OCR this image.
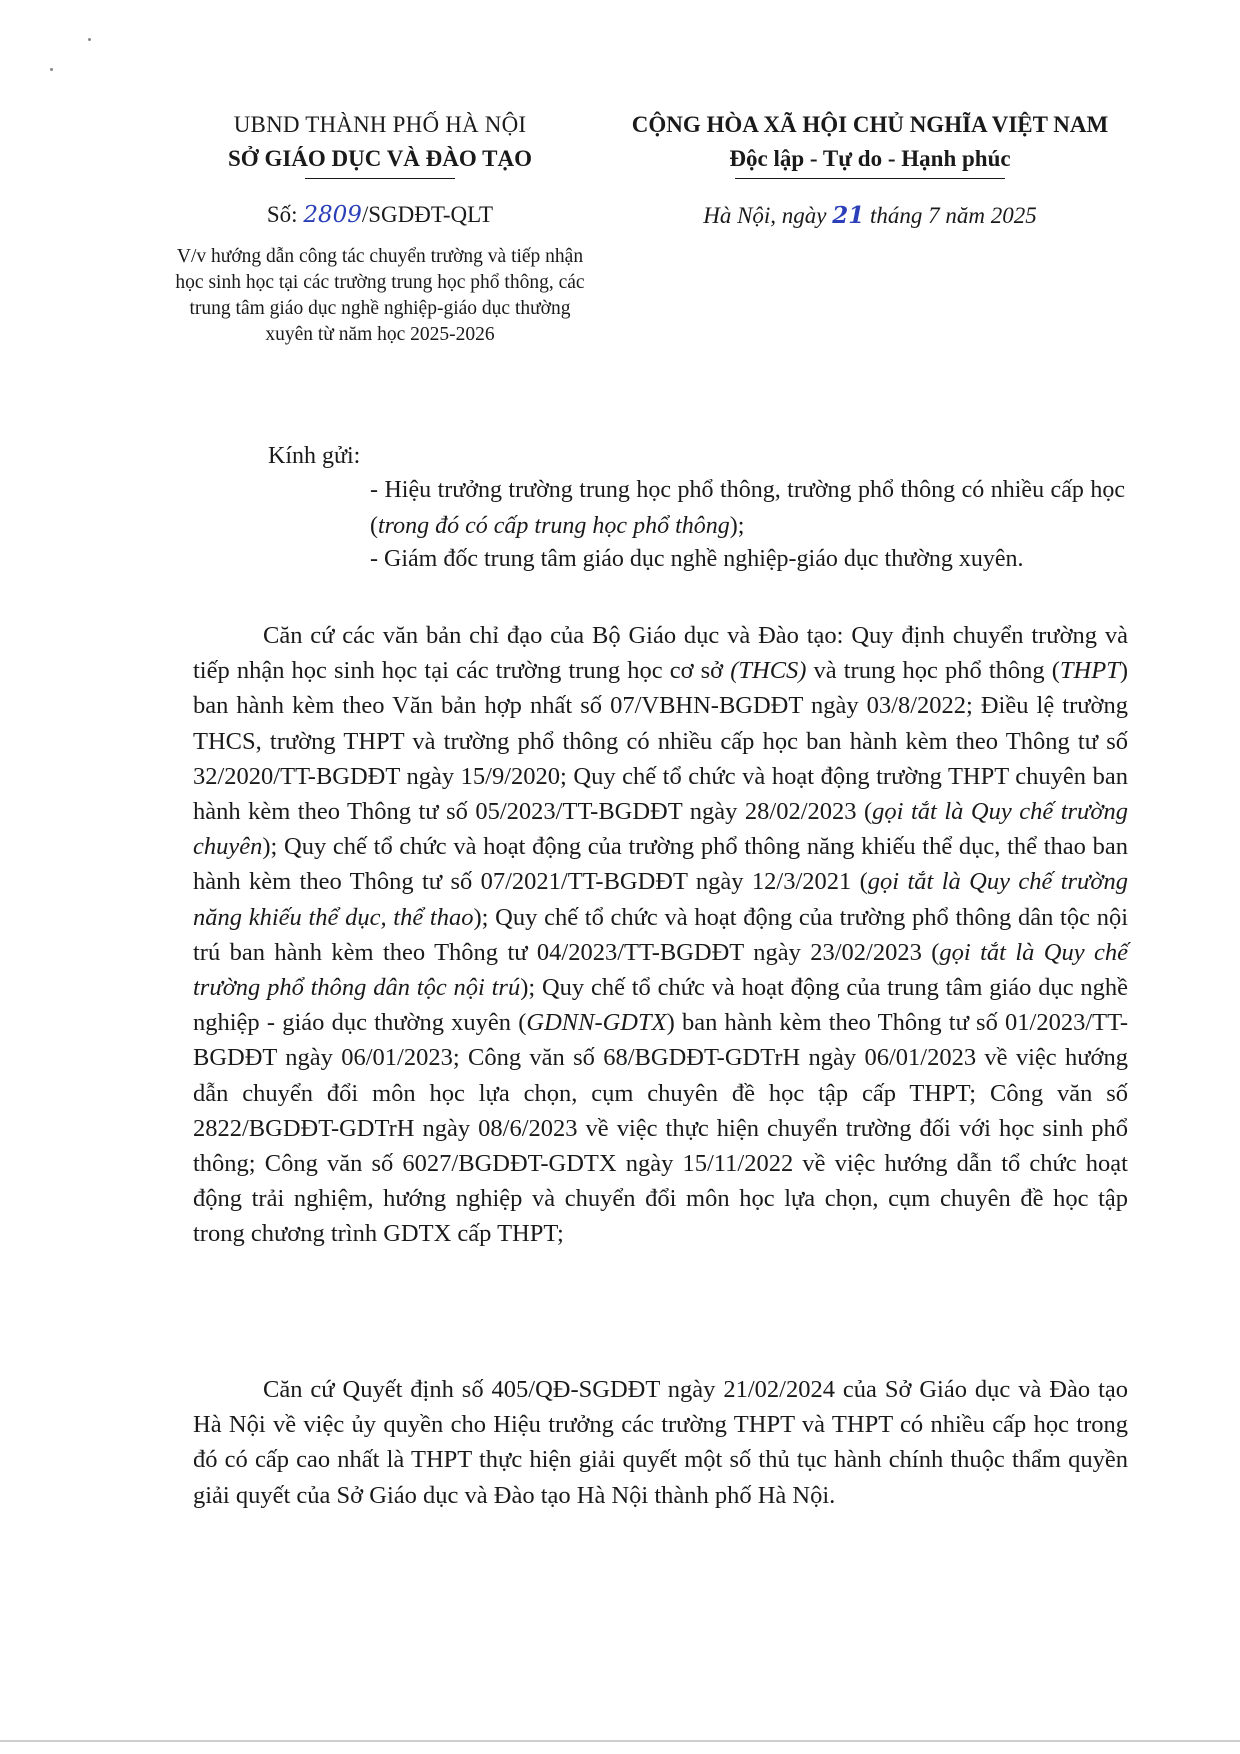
UBND THÀNH PHỐ HÀ NỘI
SỞ GIÁO DỤC VÀ ĐÀO TẠO
CỘNG HÒA XÃ HỘI CHỦ NGHĨA VIỆT NAM
Độc lập - Tự do - Hạnh phúc
Số: 2809/SGDĐT-QLT
V/v hướng dẫn công tác chuyển trường và tiếp nhận học sinh học tại các trường trung học phổ thông, các trung tâm giáo dục nghề nghiệp-giáo dục thường xuyên từ năm học 2025-2026
Hà Nội, ngày 21 tháng 7 năm 2025
Kính gửi:
- Hiệu trưởng trường trung học phổ thông, trường phổ thông có nhiều cấp học (trong đó có cấp trung học phổ thông);
- Giám đốc trung tâm giáo dục nghề nghiệp-giáo dục thường xuyên.
Căn cứ các văn bản chỉ đạo của Bộ Giáo dục và Đào tạo: Quy định chuyển trường và tiếp nhận học sinh học tại các trường trung học cơ sở (THCS) và trung học phổ thông (THPT) ban hành kèm theo Văn bản hợp nhất số 07/VBHN-BGDĐT ngày 03/8/2022; Điều lệ trường THCS, trường THPT và trường phổ thông có nhiều cấp học ban hành kèm theo Thông tư số 32/2020/TT-BGDĐT ngày 15/9/2020; Quy chế tổ chức và hoạt động trường THPT chuyên ban hành kèm theo Thông tư số 05/2023/TT-BGDĐT ngày 28/02/2023 (gọi tắt là Quy chế trường chuyên); Quy chế tổ chức và hoạt động của trường phổ thông năng khiếu thể dục, thể thao ban hành kèm theo Thông tư số 07/2021/TT-BGDĐT ngày 12/3/2021 (gọi tắt là Quy chế trường năng khiếu thể dục, thể thao); Quy chế tổ chức và hoạt động của trường phổ thông dân tộc nội trú ban hành kèm theo Thông tư 04/2023/TT-BGDĐT ngày 23/02/2023 (gọi tắt là Quy chế trường phổ thông dân tộc nội trú); Quy chế tổ chức và hoạt động của trung tâm giáo dục nghề nghiệp - giáo dục thường xuyên (GDNN-GDTX) ban hành kèm theo Thông tư số 01/2023/TT-BGDĐT ngày 06/01/2023; Công văn số 68/BGDĐT-GDTrH ngày 06/01/2023 về việc hướng dẫn chuyển đổi môn học lựa chọn, cụm chuyên đề học tập cấp THPT; Công văn số 2822/BGDĐT-GDTrH ngày 08/6/2023 về việc thực hiện chuyển trường đối với học sinh phổ thông; Công văn số 6027/BGDĐT-GDTX ngày 15/11/2022 về việc hướng dẫn tổ chức hoạt động trải nghiệm, hướng nghiệp và chuyển đổi môn học lựa chọn, cụm chuyên đề học tập trong chương trình GDTX cấp THPT;
Căn cứ Quyết định số 405/QĐ-SGDĐT ngày 21/02/2024 của Sở Giáo dục và Đào tạo Hà Nội về việc ủy quyền cho Hiệu trưởng các trường THPT và THPT có nhiều cấp học trong đó có cấp cao nhất là THPT thực hiện giải quyết một số thủ tục hành chính thuộc thẩm quyền giải quyết của Sở Giáo dục và Đào tạo Hà Nội thành phố Hà Nội.
